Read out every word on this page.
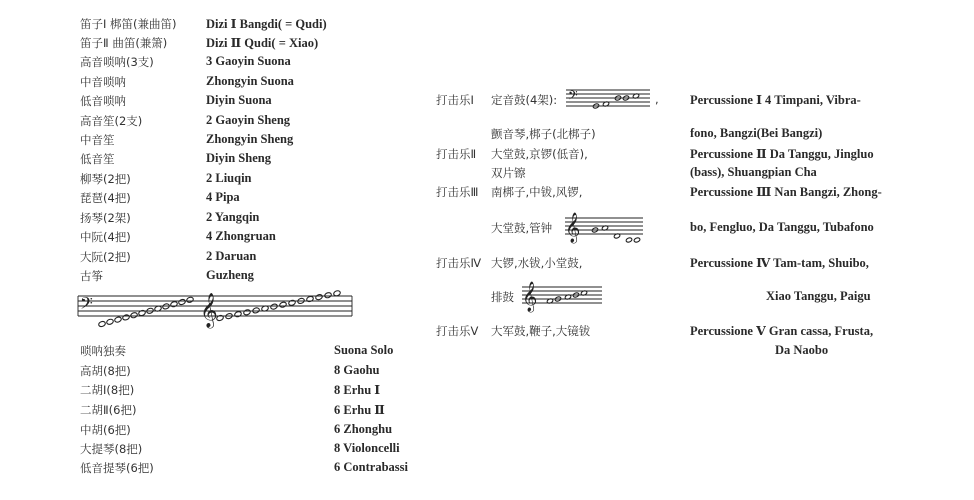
笛子Ⅰ 梆笛(兼曲笛) Dizi Ⅰ Bangdi( = Qudi)
笛子Ⅱ 曲笛(兼箫)	Dizi Ⅱ Qudi( = Xiao)
高音唢呐(3支)	3 Gaoyin Suona
中音唢呐	Zhongyin Suona
低音唢呐	Diyin Suona
高音笙(2支)	2 Gaoyin Sheng
中音笙	Zhongyin Sheng
低音笙	Diyin Sheng
柳琴(2把)	2 Liuqin
琵琶(4把)	4 Pipa
扬琴(2架)	2 Yangqin
中阮(4把)	4 Zhongruan
大阮(2把)	2 Daruan
古筝	Guzheng
𝄢	𝄞
唢呐独奏	Suona Solo
高胡(8把)	8 Gaohu
二胡Ⅰ(8把)	8 Erhu Ⅰ
二胡Ⅱ(6把)	6 Erhu Ⅱ
中胡(6把)	6 Zhonghu
大提琴(8把)	8 Violoncelli
低音提琴(6把)	6 Contrabassi
打击乐Ⅰ 定音鼓(4架): 𝄢	,	Percussione Ⅰ 4 Timpani, Vibra-
颤音琴,梆子(北梆子)	fono, Bangzi(Bei Bangzi)
打击乐Ⅱ 大堂鼓,京锣(低音),	Percussione Ⅱ Da Tanggu, Jingluo
双片镲	(bass), Shuangpian Cha
打击乐Ⅲ 南梆子,中钹,风锣,	Percussione Ⅲ Nan Bangzi, Zhong-
大堂鼓,管钟 𝄞	bo, Fengluo, Da Tanggu, Tubafono
打击乐Ⅳ 大锣,水钹,小堂鼓,	Percussione Ⅳ Tam-tam, Shuibo,
排鼓 𝄞	Xiao Tanggu, Paigu
打击乐Ⅴ 大军鼓,鞭子,大镜钹	Percussione Ⅴ Gran cassa, Frusta,
Da Naobo
